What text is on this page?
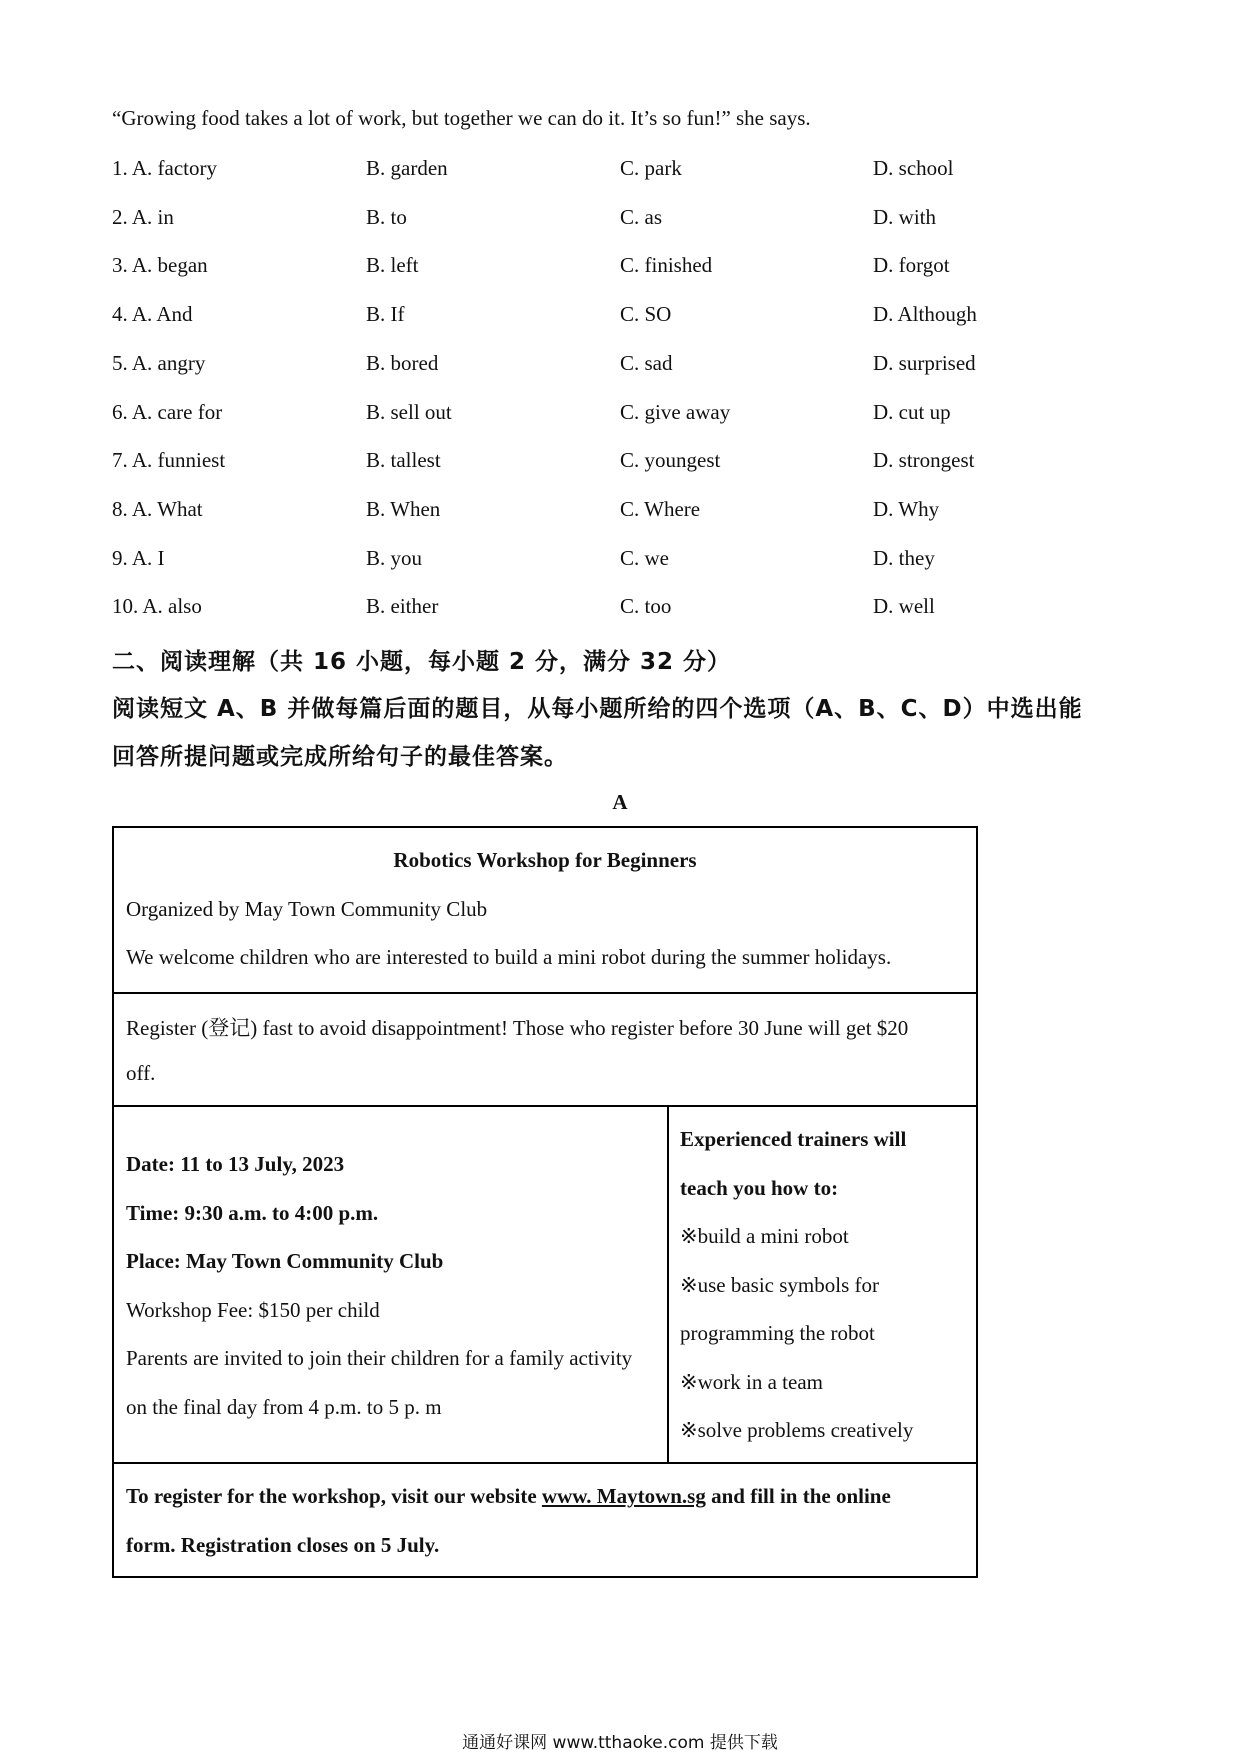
“Growing food takes a lot of work, but together we can do it. It’s so fun!” she says.
1. A. factory	B. garden	C. park	D. school
2. A. in	B. to	C. as	D. with
3. A. began	B. left	C. finished	D. forgot
4. A. And	B. If	C. SO	D. Although
5. A. angry	B. bored	C. sad	D. surprised
6. A. care for	B. sell out	C. give away	D. cut up
7. A. funniest	B. tallest	C. youngest	D. strongest
8. A. What	B. When	C. Where	D. Why
9. A. I	B. you	C. we	D. they
10. A. also	B. either	C. too	D. well
二、阅读理解（共 16 小题，每小题 2 分，满分 32 分）
阅读短文 A、B 并做每篇后面的题目，从每小题所给的四个选项（A、B、C、D）中选出能
回答所提问题或完成所给句子的最佳答案。
A
Robotics Workshop for Beginners
Organized by May Town Community Club
We welcome children who are interested to build a mini robot during the summer holidays.
Register (登记) fast to avoid disappointment! Those who register before 30 June will get $20
off.
Date: 11 to 13 July, 2023
Time: 9:30 a.m. to 4:00 p.m.
Place: May Town Community Club
Workshop Fee: $150 per child
Parents are invited to join their children for a family activity
on the final day from 4 p.m. to 5 p. m
Experienced trainers will
teach you how to:
※build a mini robot
※use basic symbols for
programming the robot
※work in a team
※solve problems creatively
To register for the workshop, visit our website www. Maytown.sg and fill in the online
form. Registration closes on 5 July.
通通好课网 www.tthaoke.com 提供下载
